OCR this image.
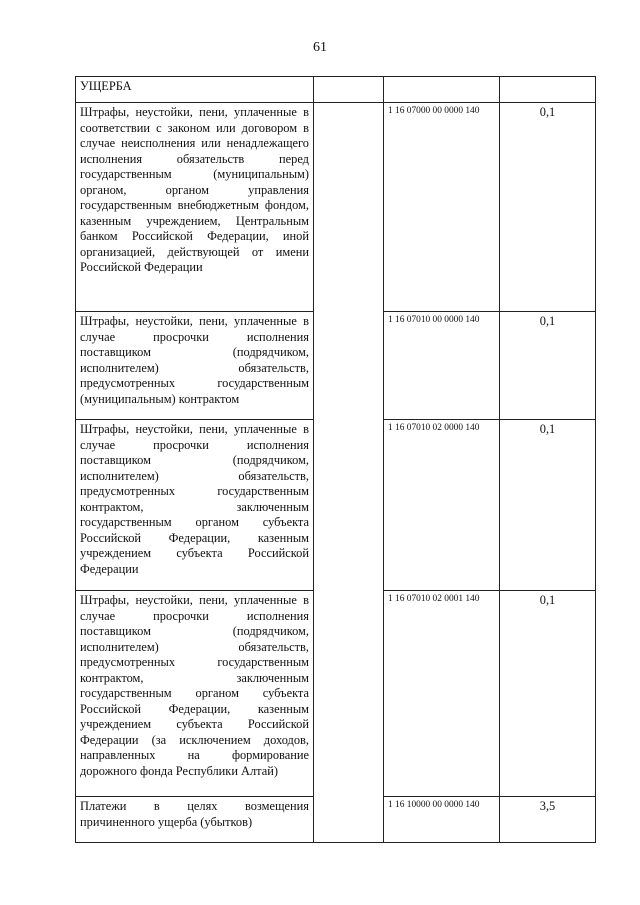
61
УЩЕРБА			
Штрафы, неустойки, пени, уплаченные в соответствии с законом или договором в случае неисполнения или ненадлежащего исполнения обязательств перед государственным (муниципальным) органом, органом управления государственным внебюджетным фондом, казенным учреждением, Центральным банком Российской Федерации, иной организацией, действующей от имени Российской Федерации		1 16 07000 00 0000 140	0,1
Штрафы, неустойки, пени, уплаченные в случае просрочки исполнения поставщиком (подрядчиком, исполнителем) обязательств, предусмотренных государственным (муниципальным) контрактом		1 16 07010 00 0000 140	0,1
Штрафы, неустойки, пени, уплаченные в случае просрочки исполнения поставщиком (подрядчиком, исполнителем) обязательств, предусмотренных государственным контрактом, заключенным государственным органом субъекта Российской Федерации, казенным учреждением субъекта Российской Федерации		1 16 07010 02 0000 140	0,1
Штрафы, неустойки, пени, уплаченные в случае просрочки исполнения поставщиком (подрядчиком, исполнителем) обязательств, предусмотренных государственным контрактом, заключенным государственным органом субъекта Российской Федерации, казенным учреждением субъекта Российской Федерации (за исключением доходов, направленных на формирование дорожного фонда Республики Алтай)		1 16 07010 02 0001 140	0,1
Платежи в целях возмещения причиненного ущерба (убытков)		1 16 10000 00 0000 140	3,5
